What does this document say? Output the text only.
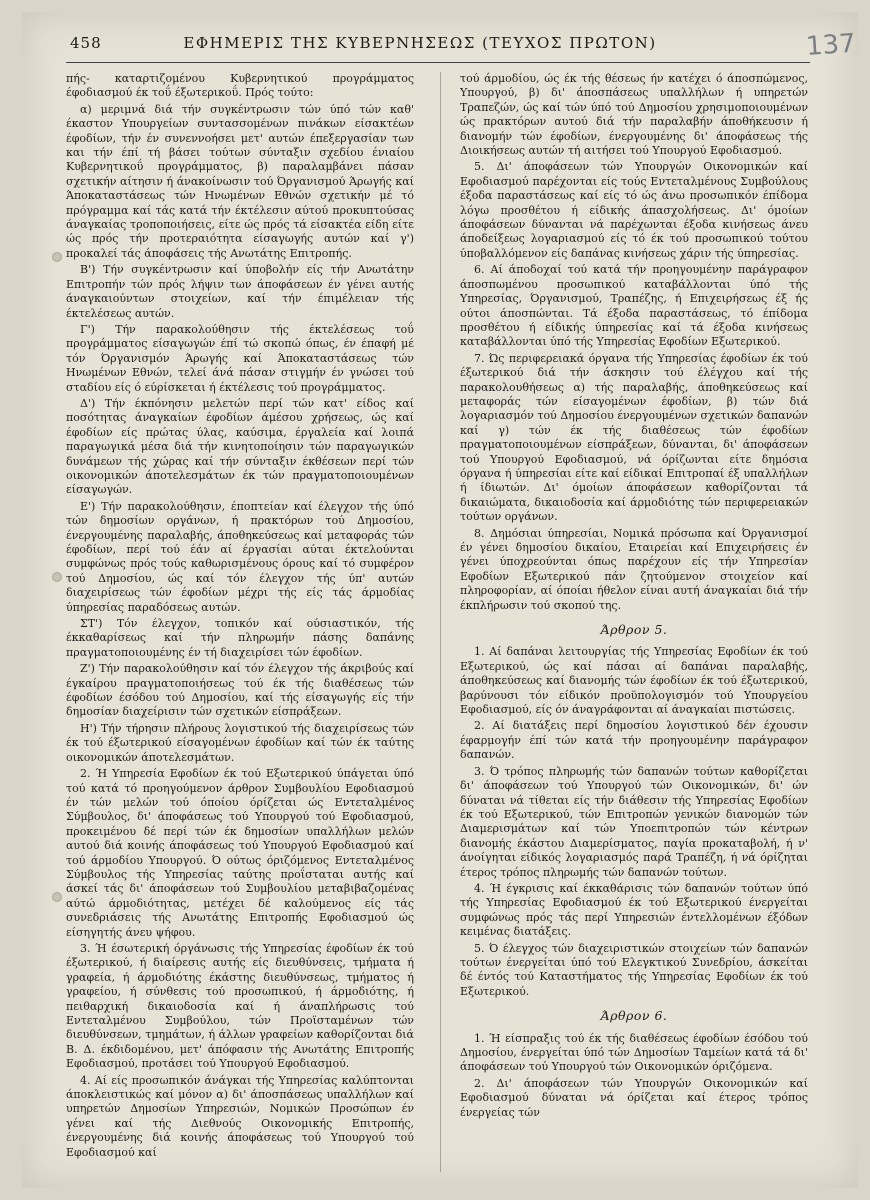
458	ΕΦΗΜΕΡΙΣ ΤΗΣ ΚΥΒΕΡΝΗΣΕΩΣ (ΤΕΥΧΟΣ ΠΡΩΤΟΝ)	137

πής- καταρτιζομένου Κυβερνητικού προγράμματος έφοδιασμού έκ τοΰ έξωτερικοΰ. Πρός τούτο:

α) μεριμνά διά τήν συγκέντρωσιν τών ύπό τών καθ' έκαστον Υπουργείων συντασσομένων πινάκων είσακτέων έφοδίων, τήν έν συνεννοήσει μετ' αυτών έπεξεργασίαν των και τήν έπί τή βάσει τούτων σύνταξιν σχεδίου ένιαίου Κυβερνητικοΰ προγράμματος, β) παραλαμβάνει πάσαν σχετικήν αίτησιν ή άνακοίνωσιν τού Όργανισμού Άρωγής καί Άποκαταστάσεως τών Ηνωμένων Εθνών σχετικήν μέ τό πρόγραμμα καί τάς κατά τήν έκτέλεσιν αύτού προκυπτούσας άναγκαίας τροποποιήσεις, είτε ώς πρός τά είσακτέα είδη είτε ώς πρός τήν προτεραιότητα είσαγωγής αυτών καί γ') προκαλεί τάς άποφάσεις τής Ανωτάτης Επιτροπής.

Β') Τήν συγκέντρωσιν καί ύποβολήν είς τήν Ανωτάτην Επιτροπήν τών πρός λήψιν των άποφάσεων έν γένει αυτής άναγκαιούντων στοιχείων, καί τήν έπιμέλειαν τής έκτελέσεως αυτών.

Γ') Τήν παρακολούθησιν τής έκτελέσεως τοΰ προγράμματος είσαγωγών έπί τώ σκοπώ όπως, έν έπαφή μέ τόν Όργανισμόν Άρωγής καί Άποκαταστάσεως τών Ηνωμένων Εθνών, τελεί άνά πάσαν στιγμήν έν γνώσει τού σταδίου είς ό εύρίσκεται ή έκτέλεσις τού προγράμματος.

Δ') Τήν έκπόνησιν μελετών περί τών κατ' είδος καί ποσότητας άναγκαίων έφοδίων άμέσου χρήσεως, ώς καί έφοδίων είς πρώτας ύλας, καύσιμα, έργαλεία καί λοιπά παραγωγικά μέσα διά τήν κινητοποίησιν τών παραγωγικών δυνάμεων τής χώρας καί τήν σύνταξιν έκθέσεων περί τών οικονομικών άποτελεσμάτων έκ τών πραγματοποιουμένων είσαγωγών.

Ε') Τήν παρακολούθησιν, έποπτείαν καί έλεγχον τής ύπό τών δημοσίων οργάνων, ή πρακτόρων τού Δημοσίου, ένεργουμένης παραλαβής, άποθηκεύσεως καί μεταφοράς τών έφοδίων, περί τού έάν αί έργασίαι αύται έκτελούνται συμφώνως πρός τούς καθωρισμένους όρους καί τό συμφέρον τού Δημοσίου, ώς καί τόν έλεγχον τής ύπ' αυτών διαχειρίσεως τών έφοδίων μέχρι τής είς τάς άρμοδίας ύπηρεσίας παραδόσεως αυτών.

ΣΤ') Τόν έλεγχον, τοπικόν καί ούσιαστικόν, τής έκκαθαρίσεως καί τήν πληρωμήν πάσης δαπάνης πραγματοποιουμένης έν τή διαχειρίσει τών έφοδίων.

Ζ') Τήν παρακολούθησιν καί τόν έλεγχον τής άκριβούς καί έγκαίρου πραγματοποιήσεως τού έκ τής διαθέσεως τών έφοδίων έσόδου τού Δημοσίου, καί τής είσαγωγής είς τήν δημοσίαν διαχείρισιν τών σχετικών είσπράξεων.

Η') Τήν τήρησιν πλήρους λογιστικού τής διαχειρίσεως τών έκ τού έξωτερικού είσαγομένων έφοδίων καί τών έκ ταύτης οικονομικών άποτελεσμάτων.

2. Ή Υπηρεσία Εφοδίων έκ τού Εξωτερικού ύπάγεται ύπό τού κατά τό προηγούμενον άρθρον Συμβουλίου Εφοδιασμού έν τών μελών τού όποίου όρίζεται ώς Εντεταλμένος Σύμβουλος, δι' άποφάσεως τού Υπουργού τού Εφοδιασμού, προκειμένου δέ περί τών έκ δημοσίων υπαλλήλων μελών αυτού διά κοινής άποφάσεως τού Υπουργού Εφοδιασμού καί τού άρμοδίου Υπουργού. Ό ούτως όριζόμενος Εντεταλμένος Σύμβουλος τής Υπηρεσίας ταύτης προΐσταται αυτής καί άσκεί τάς δι' άποφάσεων τού Συμβουλίου μεταβιβαζομένας αύτώ άρμοδιότητας, μετέχει δέ καλούμενος είς τάς συνεδριάσεις τής Ανωτάτης Επιτροπής Εφοδιασμού ώς είσηγητής άνευ ψήφου.

3. Ή έσωτερική όργάνωσις τής Υπηρεσίας έφοδίων έκ τού έξωτερικού, ή διαίρεσις αυτής είς διευθύνσεις, τμήματα ή γραφεία, ή άρμοδιότης έκάστης διευθύνσεως, τμήματος ή γραφείου, ή σύνθεσις τού προσωπικού, ή άρμοδιότης, ή πειθαρχική δικαιοδοσία καί ή άναπλήρωσις τού Εντεταλμένου Συμβούλου, τών Προϊσταμένων τών διευθύνσεων, τμημάτων, ή άλλων γραφείων καθορίζονται διά Β. Δ. έκδιδομένου, μετ' άπόφασιν τής Ανωτάτης Επιτροπής Εφοδιασμού, προτάσει τού Υπουργού Εφοδιασμού.

4. Αί είς προσωπικόν άνάγκαι τής Υπηρεσίας καλύπτονται άποκλειστικώς καί μόνον α) δι' άποσπάσεως υπαλλήλων καί υπηρετών Δημοσίων Υπηρεσιών, Νομικών Προσώπων έν γένει καί τής Διεθνούς Οικονομικής Επιτροπής, ένεργουμένης διά κοινής άποφάσεως τού Υπουργού τού Εφοδιασμού καί

τού άρμοδίου, ώς έκ τής θέσεως ήν κατέχει ό άποσπώμενος, Υπουργού, β) δι' άποσπάσεως υπαλλήλων ή υπηρετών Τραπεζών, ώς καί τών ύπό τού Δημοσίου χρησιμοποιουμένων ώς πρακτόρων αυτού διά τήν παραλαβήν άποθήκευσιν ή διανομήν τών έφοδίων, ένεργουμένης δι' άποφάσεως τής Διοικήσεως αυτών τή αιτήσει τού Υπουργού Εφοδιασμού.

5. Δι' άποφάσεων τών Υπουργών Οικονομικών καί Εφοδιασμού παρέχονται είς τούς Εντεταλμένους Συμβούλους έξοδα παραστάσεως καί είς τό ώς άνω προσωπικόν έπίδομα λόγω προσθέτου ή είδικής άπασχολήσεως. Δι' όμοίων άποφάσεων δύνανται νά παρέχωνται έξοδα κινήσεως άνευ άποδείξεως λογαριασμού είς τό έκ τού προσωπικού τούτου ύποβαλλόμενον είς δαπάνας κινήσεως χάριν τής ύπηρεσίας.

6. Αί άποδοχαί τού κατά τήν προηγουμένην παράγραφον άποσπωμένου προσωπικού καταβάλλονται ύπό τής Υπηρεσίας, Όργανισμού, Τραπέζης, ή Επιχειρήσεως έξ ής ούτοι άποσπώνται. Τά έξοδα παραστάσεως, τό έπίδομα προσθέτου ή είδικής ύπηρεσίας καί τά έξοδα κινήσεως καταβάλλονται ύπό τής Υπηρεσίας Εφοδίων Εξωτερικού.

7. Ώς περιφερειακά όργανα τής Υπηρεσίας έφοδίων έκ τού έξωτερικού διά τήν άσκησιν τού έλέγχου καί τής παρακολουθήσεως α) τής παραλαβής, άποθηκεύσεως καί μεταφοράς τών είσαγομένων έφοδίων, β) τών διά λογαριασμόν τού Δημοσίου ένεργουμένων σχετικών δαπανών καί γ) τών έκ τής διαθέσεως τών έφοδίων πραγματοποιουμένων είσπράξεων, δύνανται, δι' άποφάσεων τού Υπουργού Εφοδιασμού, νά όρίζωνται είτε δημόσια όργανα ή ύπηρεσίαι είτε καί είδικαί Επιτροπαί έξ υπαλλήλων ή ίδιωτών. Δι' όμοίων άποφάσεων καθορίζονται τά δικαιώματα, δικαιοδοσία καί άρμοδιότης τών περιφερειακών τούτων οργάνων.

8. Δημόσιαι ύπηρεσίαι, Νομικά πρόσωπα καί Όργανισμοί έν γένει δημοσίου δικαίου, Εταιρείαι καί Επιχειρήσεις έν γένει ύποχρεούνται όπως παρέχουν είς τήν Υπηρεσίαν Εφοδίων Εξωτερικού πάν ζητούμενον στοιχείον καί πληροφορίαν, αί όποίαι ήθελον είναι αυτή άναγκαίαι διά τήν έκπλήρωσιν τού σκοπού της.

Άρθρον 5.

1. Αί δαπάναι λειτουργίας τής Υπηρεσίας Εφοδίων έκ τού Εξωτερικού, ώς καί πάσαι αί δαπάναι παραλαβής, άποθηκεύσεως καί διανομής τών έφοδίων έκ τού έξωτερικού, βαρύνουσι τόν είδικόν προϋπολογισμόν τού Υπουργείου Εφοδιασμού, είς όν άναγράφονται αί άναγκαίαι πιστώσεις.

2. Αί διατάξεις περί δημοσίου λογιστικού δέν έχουσιν έφαρμογήν έπί τών κατά τήν προηγουμένην παράγραφον δαπανών.

3. Ό τρόπος πληρωμής τών δαπανών τούτων καθορίζεται δι' άποφάσεων τού Υπουργού τών Οικονομικών, δι' ών δύναται νά τίθεται είς τήν διάθεσιν τής Υπηρεσίας Εφοδίων έκ τού Εξωτερικού, τών Επιτροπών γενικών διανομών τών Διαμερισμάτων καί τών Υποεπιτροπών τών κέντρων διανομής έκάστου Διαμερίσματος, παγία προκαταβολή, ή ν' άνοίγηται είδικός λογαριασμός παρά Τραπέζη, ή νά όρίζηται έτερος τρόπος πληρωμής τών δαπανών τούτων.

4. Ή έγκρισις καί έκκαθάρισις τών δαπανών τούτων ύπό τής Υπηρεσίας Εφοδιασμού έκ τού Εξωτερικού ένεργείται συμφώνως πρός τάς περί Υπηρεσιών έντελλομένων έξόδων κειμένας διατάξεις.

5. Ό έλεγχος τών διαχειριστικών στοιχείων τών δαπανών τούτων ένεργείται ύπό τού Ελεγκτικού Συνεδρίου, άσκείται δέ έντός τού Καταστήματος τής Υπηρεσίας Εφοδίων έκ τού Εξωτερικού.

Άρθρον 6.

1. Ή είσπραξις τού έκ τής διαθέσεως έφοδίων έσόδου τού Δημοσίου, ένεργείται ύπό τών Δημοσίων Ταμείων κατά τά δι' άποφάσεων τού Υπουργού τών Οικονομικών όριζόμενα.

2. Δι' άποφάσεων τών Υπουργών Οικονομικών καί Εφοδιασμού δύναται νά όρίζεται καί έτερος τρόπος ένεργείας τών
